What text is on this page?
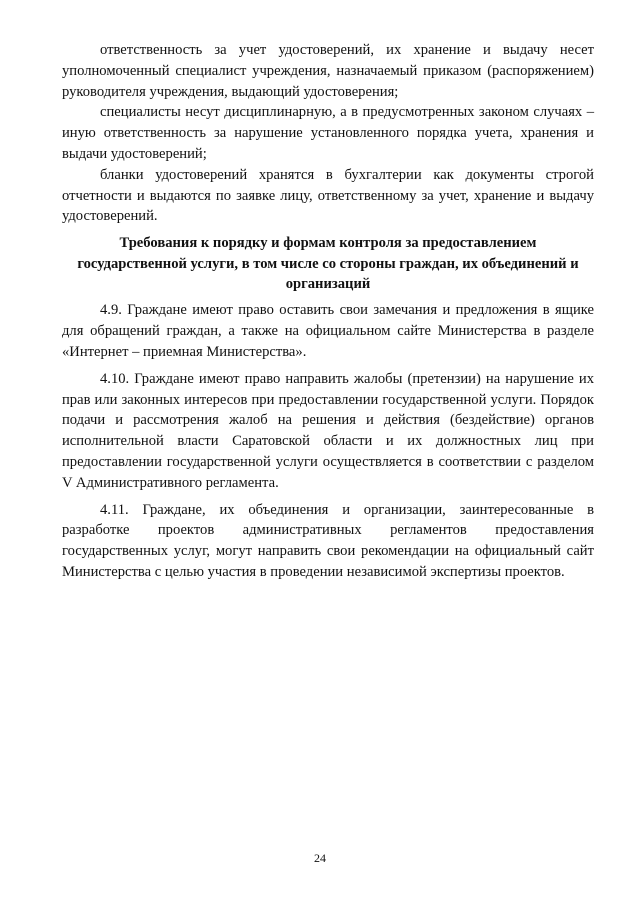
ответственность за учет удостоверений, их хранение и выдачу несет уполномоченный специалист учреждения, назначаемый приказом (распоряжением) руководителя учреждения, выдающий удостоверения;

специалисты несут дисциплинарную, а в предусмотренных законом случаях – иную ответственность за нарушение установленного порядка учета, хранения и выдачи удостоверений;

бланки удостоверений хранятся в бухгалтерии как документы строгой отчетности и выдаются по заявке лицу, ответственному за учет, хранение и выдачу удостоверений.

Требования к порядку и формам контроля за предоставлением государственной услуги, в том числе со стороны граждан, их объединений и организаций

4.9. Граждане имеют право оставить свои замечания и предложения в ящике для обращений граждан, а также на официальном сайте Министерства в разделе «Интернет – приемная Министерства».

4.10. Граждане имеют право направить жалобы (претензии) на нарушение их прав или законных интересов при предоставлении государственной услуги. Порядок подачи и рассмотрения жалоб на решения и действия (бездействие) органов исполнительной власти Саратовской области и их должностных лиц при предоставлении государственной услуги осуществляется в соответствии с разделом V Административного регламента.

4.11. Граждане, их объединения и организации, заинтересованные в разработке проектов административных регламентов предоставления государственных услуг, могут направить свои рекомендации на официальный сайт Министерства с целью участия в проведении независимой экспертизы проектов.

24
